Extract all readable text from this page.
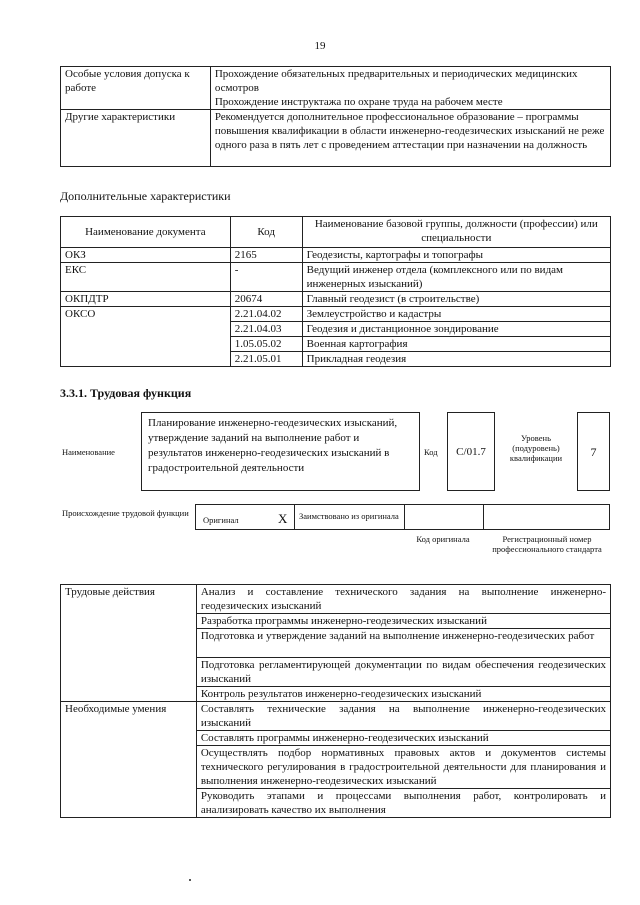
19
Особые условия допуска к работе	Прохождение обязательных предварительных и периодических медицинских осмотров
Прохождение инструктажа по охране труда на рабочем месте

Другие характеристики	Рекомендуется дополнительное профессиональное образование – программы повышения квалификации в области инженерно-геодезических изысканий не реже одного раза в пять лет с проведением аттестации при назначении на должность
Дополнительные характеристики
Наименование документа	Код	Наименование базовой группы, должности (профессии) или специальности
ОКЗ	2165	Геодезисты, картографы и топографы
ЕКС	-	Ведущий инженер отдела (комплексного или по видам инженерных изысканий)
ОКПДТР	20674	Главный геодезист (в строительстве)
ОКСО	2.21.04.02	Землеустройство и кадастры
	2.21.04.03	Геодезия и дистанционное зондирование
	1.05.05.02	Военная картография
	2.21.05.01	Прикладная геодезия
3.3.1. Трудовая функция
Наименование
Планирование инженерно-геодезических изысканий, утверждение заданий на выполнение работ и результатов инженерно-геодезических изысканий в градостроительной деятельности
Код	С/01.7
Уровень (подуровень) квалификации	7
Происхождение трудовой функции
Оригинал	X	Заимствовано из оригинала
Код оригинала	Регистрационный номер профессионального стандарта
Трудовые действия	Анализ и составление технического задания на выполнение инженерно-геодезических изысканий
	Разработка программы инженерно-геодезических изысканий
	Подготовка и утверждение заданий на выполнение инженерно-геодезических работ
	Подготовка регламентирующей документации по видам обеспечения геодезических изысканий
	Контроль результатов инженерно-геодезических изысканий
Необходимые умения	Составлять технические задания на выполнение инженерно-геодезических изысканий
	Составлять программы инженерно-геодезических изысканий
	Осуществлять подбор нормативных правовых актов и документов системы технического регулирования в градостроительной деятельности для планирования и выполнения инженерно-геодезических изысканий
	Руководить этапами и процессами выполнения работ, контролировать и анализировать качество их выполнения
